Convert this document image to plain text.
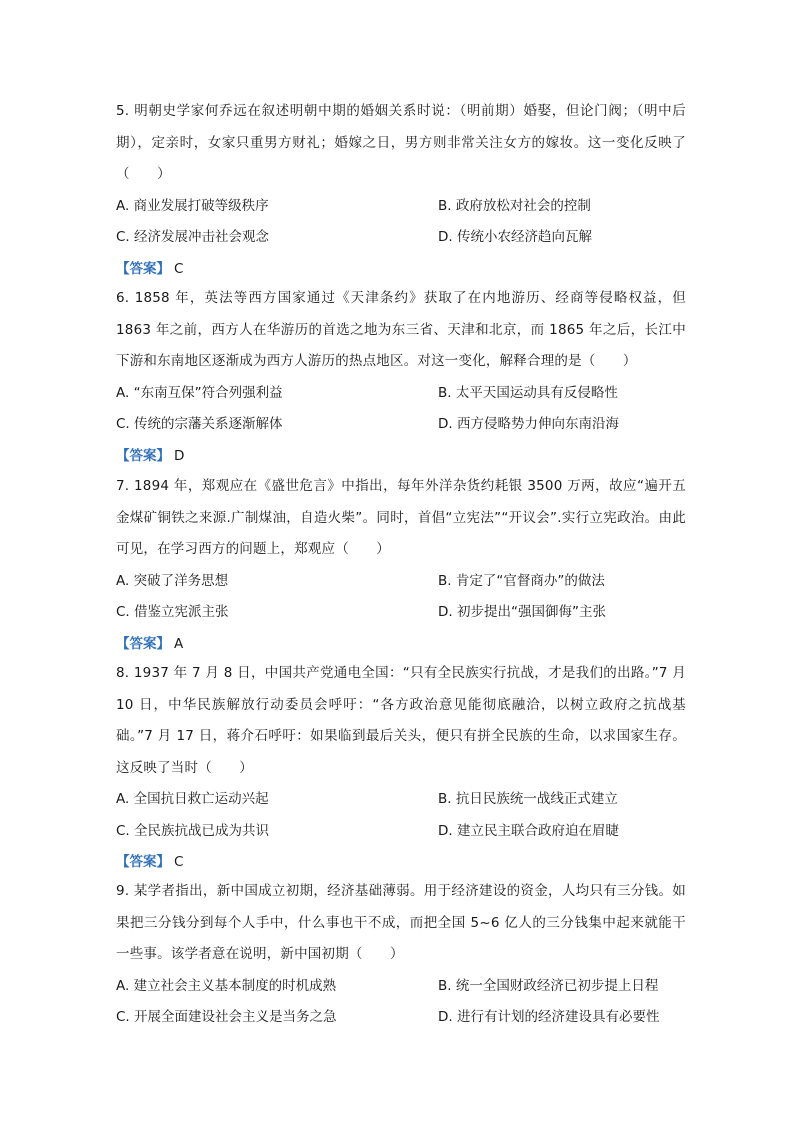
5. 明朝史学家何乔远在叙述明朝中期的婚姻关系时说：（明前期）婚娶，但论门阀；（明中后期），定亲时，女家只重男方财礼；婚嫁之日，男方则非常关注女方的嫁妆。这一变化反映了（　　）

A. 商业发展打破等级秩序	B. 政府放松对社会的控制
C. 经济发展冲击社会观念	D. 传统小农经济趋向瓦解
【答案】 C

6. 1858 年，英法等西方国家通过《天津条约》获取了在内地游历、经商等侵略权益，但 1863 年之前，西方人在华游历的首选之地为东三省、天津和北京，而 1865 年之后，长江中下游和东南地区逐渐成为西方人游历的热点地区。对这一变化，解释合理的是（　　）

A. “东南互保”符合列强利益	B. 太平天国运动具有反侵略性
C. 传统的宗藩关系逐渐解体	D. 西方侵略势力伸向东南沿海
【答案】 D

7. 1894 年，郑观应在《盛世危言》中指出，每年外洋杂货约耗银 3500 万两，故应“遍开五金煤矿铜铁之来源.广制煤油，自造火柴”。同时，首倡“立宪法”“开议会”.实行立宪政治。由此可见，在学习西方的问题上，郑观应（　　）

A. 突破了洋务思想	B. 肯定了“官督商办”的做法
C. 借鉴立宪派主张	D. 初步提出“强国御侮”主张
【答案】 A

8. 1937 年 7 月 8 日，中国共产党通电全国：“只有全民族实行抗战，才是我们的出路。”7 月 10 日，中华民族解放行动委员会呼吁：“各方政治意见能彻底融洽，以树立政府之抗战基础。”7 月 17 日，蒋介石呼吁：如果临到最后关头，便只有拼全民族的生命，以求国家生存。这反映了当时（　　）

A. 全国抗日救亡运动兴起	B. 抗日民族统一战线正式建立
C. 全民族抗战已成为共识	D. 建立民主联合政府迫在眉睫
【答案】 C

9. 某学者指出，新中国成立初期，经济基础薄弱。用于经济建设的资金，人均只有三分钱。如果把三分钱分到每个人手中，什么事也干不成，而把全国 5~6 亿人的三分钱集中起来就能干一些事。该学者意在说明，新中国初期（　　）

A. 建立社会主义基本制度的时机成熟	B. 统一全国财政经济已初步提上日程
C. 开展全面建设社会主义是当务之急	D. 进行有计划的经济建设具有必要性
